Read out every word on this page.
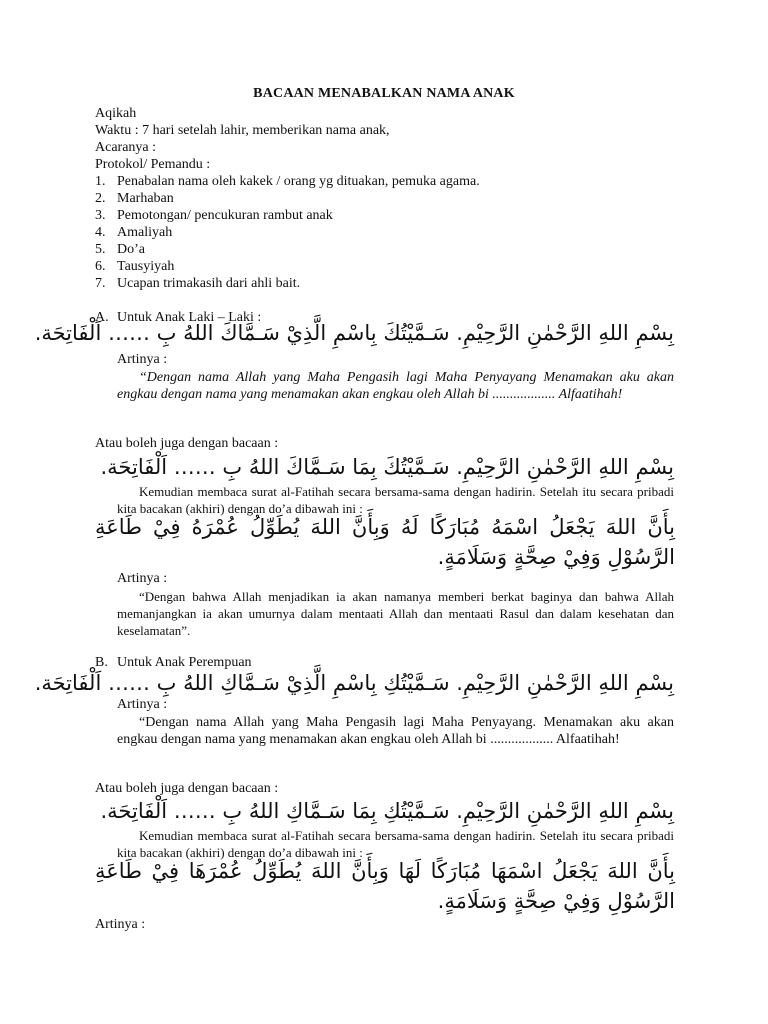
BACAAN MENABALKAN NAMA ANAK
Aqikah
Waktu : 7 hari setelah lahir, memberikan nama anak,
Acaranya :
Protokol/ Pemandu :
1. Penabalan nama oleh kakek / orang yg dituakan, pemuka agama.
2. Marhaban
3. Pemotongan/ pencukuran rambut anak
4. Amaliyah
5. Do’a
6. Tausyiyah
7. Ucapan trimakasih dari ahli bait.
A. Untuk Anak Laki – Laki :
بِسْمِ اللهِ الرَّحْمٰنِ الرَّحِيْمِ. سَـمَّيْتُكَ بِاسْمِ الَّذِيْ سَـمَّاكَ اللهُ بِ …… اَلْفَاتِحَة.
Artinya :
“Dengan nama Allah yang Maha Pengasih lagi Maha Penyayang Menamakan aku akan engkau dengan nama yang menamakan akan engkau oleh Allah bi .................. Alfaatihah!
Atau boleh juga dengan bacaan :
بِسْمِ اللهِ الرَّحْمٰنِ الرَّحِيْمِ. سَـمَّيْتُكَ بِمَا سَـمَّاكَ اللهُ بِ …… اَلْفَاتِحَة.
Kemudian membaca surat al-Fatihah secara bersama-sama dengan hadirin. Setelah itu secara pribadi kita bacakan (akhiri) dengan do’a dibawah ini :
بِأَنَّ اللهَ يَجْعَلُ اسْمَهُ مُبَارَكًا لَهُ وَبِأَنَّ اللهَ يُطَوِّلُ عُمْرَهُ فِيْ طَاعَةِ الرَّسُوْلِ وَفِيْ صِحَّةٍ وَسَلَامَةٍ.
Artinya :
“Dengan bahwa Allah menjadikan ia akan namanya memberi berkat baginya dan bahwa Allah memanjangkan ia akan umurnya dalam mentaati Allah dan mentaati Rasul dan dalam kesehatan dan keselamatan”.
B. Untuk Anak Perempuan
بِسْمِ اللهِ الرَّحْمٰنِ الرَّحِيْمِ. سَـمَّيْتُكِ بِاسْمِ الَّذِيْ سَـمَّاكِ اللهُ بِ …… اَلْفَاتِحَة.
Artinya :
“Dengan nama Allah yang Maha Pengasih lagi Maha Penyayang. Menamakan aku akan engkau dengan nama yang menamakan akan engkau oleh Allah bi .................. Alfaatihah!
Atau boleh juga dengan bacaan :
بِسْمِ اللهِ الرَّحْمٰنِ الرَّحِيْمِ. سَـمَّيْتُكِ بِمَا سَـمَّاكِ اللهُ بِ …… اَلْفَاتِحَة.
Kemudian membaca surat al-Fatihah secara bersama-sama dengan hadirin. Setelah itu secara pribadi kita bacakan (akhiri) dengan do’a dibawah ini :
بِأَنَّ اللهَ يَجْعَلُ اسْمَهَا مُبَارَكًا لَهَا وَبِأَنَّ اللهَ يُطَوِّلُ عُمْرَهَا فِيْ طَاعَةِ الرَّسُوْلِ وَفِيْ صِحَّةٍ وَسَلَامَةٍ.
Artinya :
